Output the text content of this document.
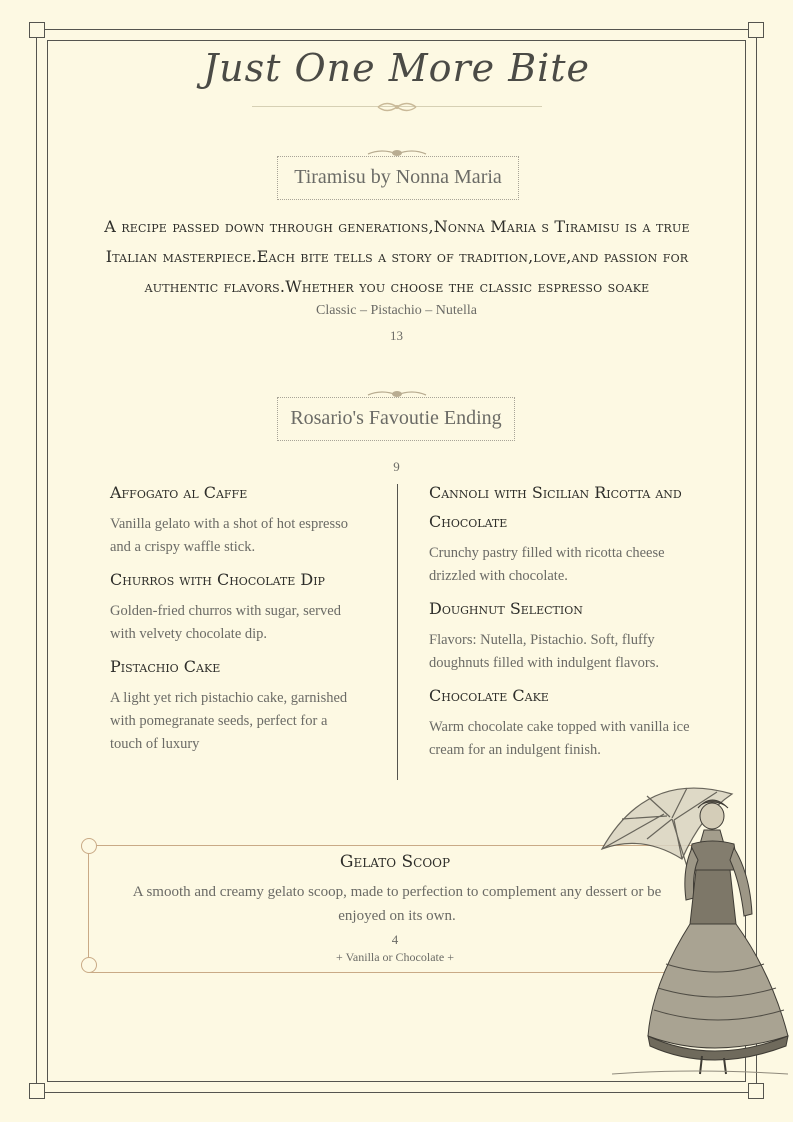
Just One More Bite
Tiramisu by Nonna Maria
A recipe passed down through generations,Nonna Maria s Tiramisu is a true Italian masterpiece.Each bite tells a story of tradition,love,and passion for authentic flavors.Whether you choose the classic espresso soake
Classic – Pistachio – Nutella
13
Rosario's Favoutie Ending
9

Affogato al Caffe

Vanilla gelato with a shot of hot espresso and a crispy waffle stick.

Churros with Chocolate Dip

Golden-fried churros with sugar, served with velvety chocolate dip.

Pistachio Cake

A light yet rich pistachio cake, garnished with pomegranate seeds, perfect for a touch of luxury

Cannoli with Sicilian Ricotta and Chocolate

Crunchy pastry filled with ricotta cheese drizzled with chocolate.

Doughnut Selection

Flavors: Nutella, Pistachio. Soft, fluffy doughnuts filled with indulgent flavors.

Chocolate Cake

Warm chocolate cake topped with vanilla ice cream for an indulgent finish.

Gelato Scoop
A smooth and creamy gelato scoop, made to perfection to complement any dessert or be enjoyed on its own.
4
+ Vanilla or Chocolate +
